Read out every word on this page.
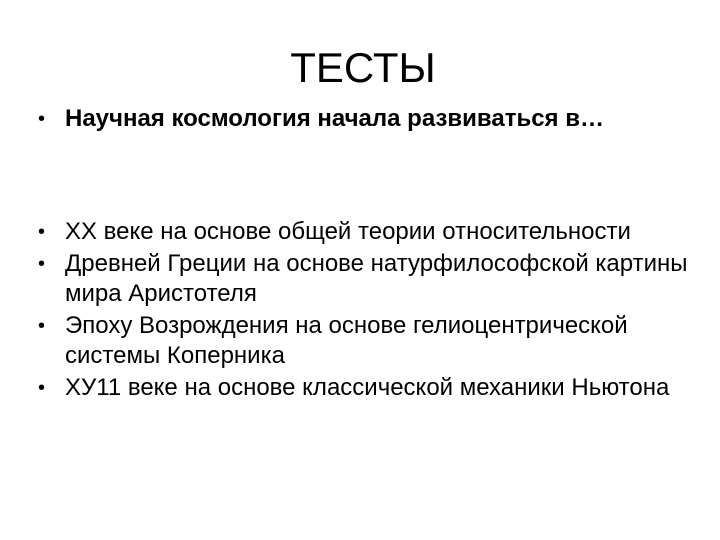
ТЕСТЫ
• Научная космология начала развиваться в…
• ХХ веке на основе общей теории относительности
• Древней Греции на основе натурфилософской картины мира Аристотеля
• Эпоху Возрождения на основе гелиоцентрической системы Коперника
• ХУ11 веке на основе классической механики Ньютона
